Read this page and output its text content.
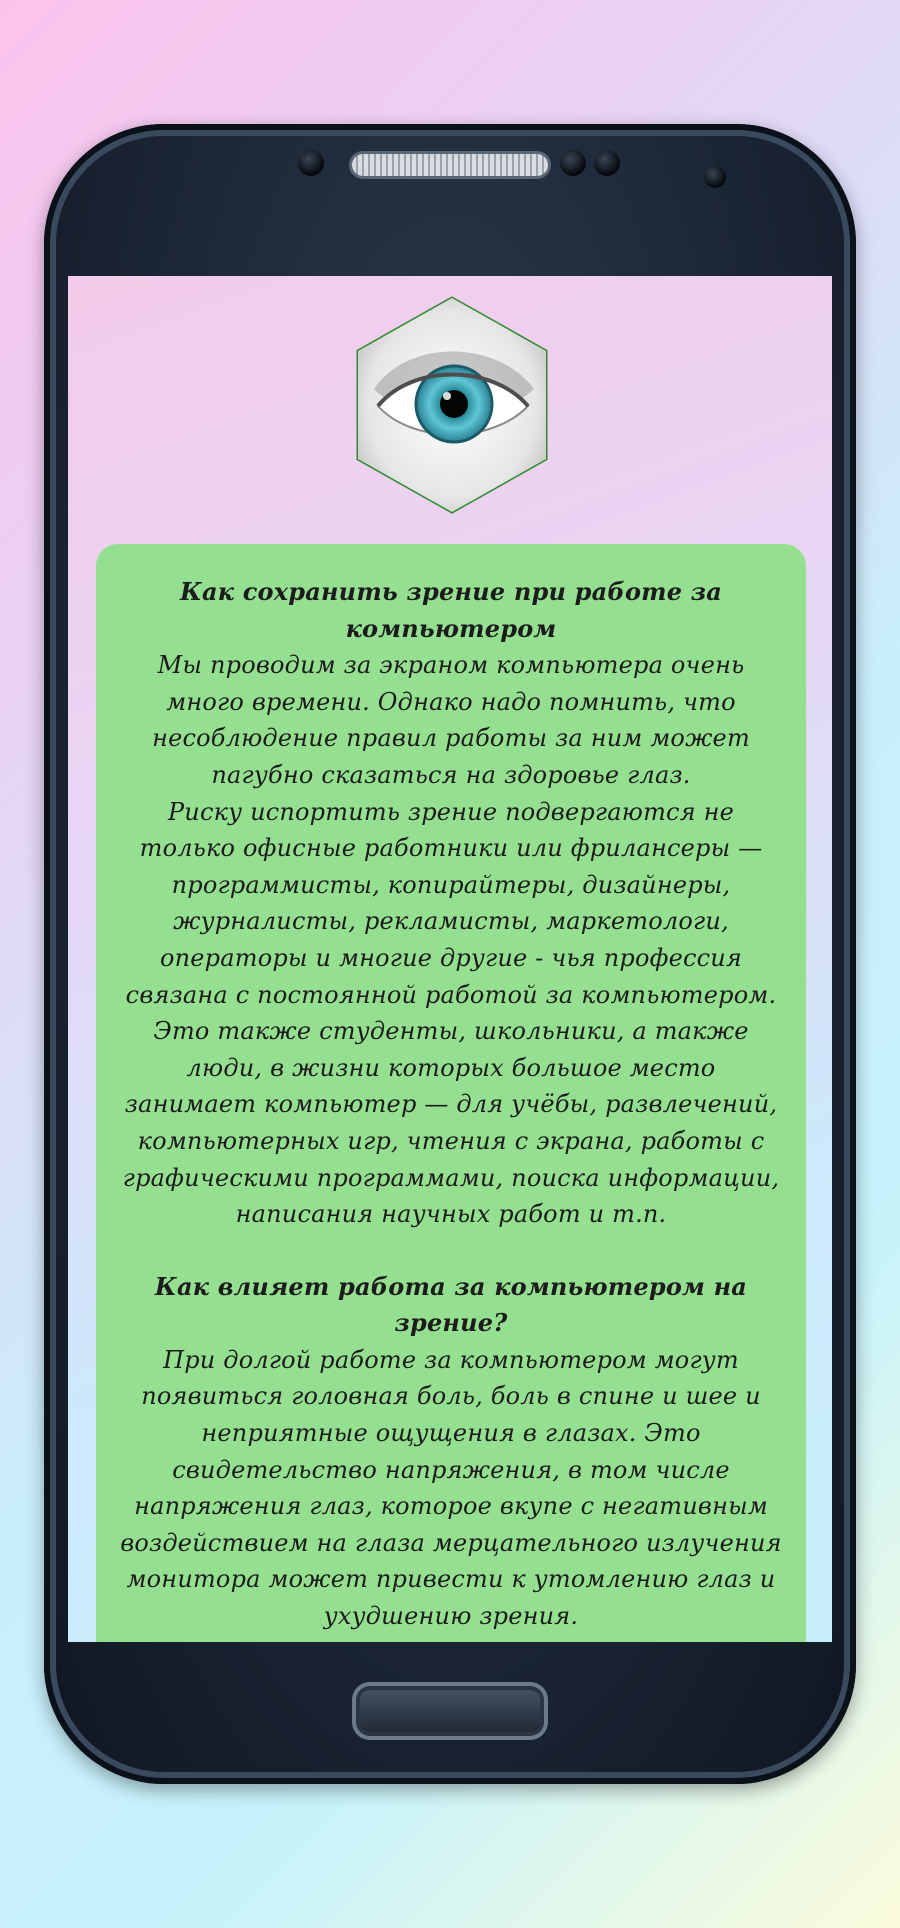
Как сохранить зрение при работе за компьютером

Мы проводим за экраном компьютера очень много времени. Однако надо помнить, что несоблюдение правил работы за ним может пагубно сказаться на здоровье глаз.

Риску испортить зрение подвергаются не только офисные работники или фрилансеры — программисты, копирайтеры, дизайнеры, журналисты, рекламисты, маркетологи, операторы и многие другие - чья профессия связана с постоянной работой за компьютером. Это также студенты, школьники, а также люди, в жизни которых большое место занимает компьютер — для учёбы, развлечений, компьютерных игр, чтения с экрана, работы с графическими программами, поиска информации, написания научных работ и т.п.

Как влияет работа за компьютером на зрение?

При долгой работе за компьютером могут появиться головная боль, боль в спине и шее и неприятные ощущения в глазах. Это свидетельство напряжения, в том числе напряжения глаз, которое вкупе с негативным воздействием на глаза мерцательного излучения монитора может привести к утомлению глаз и ухудшению зрения.
